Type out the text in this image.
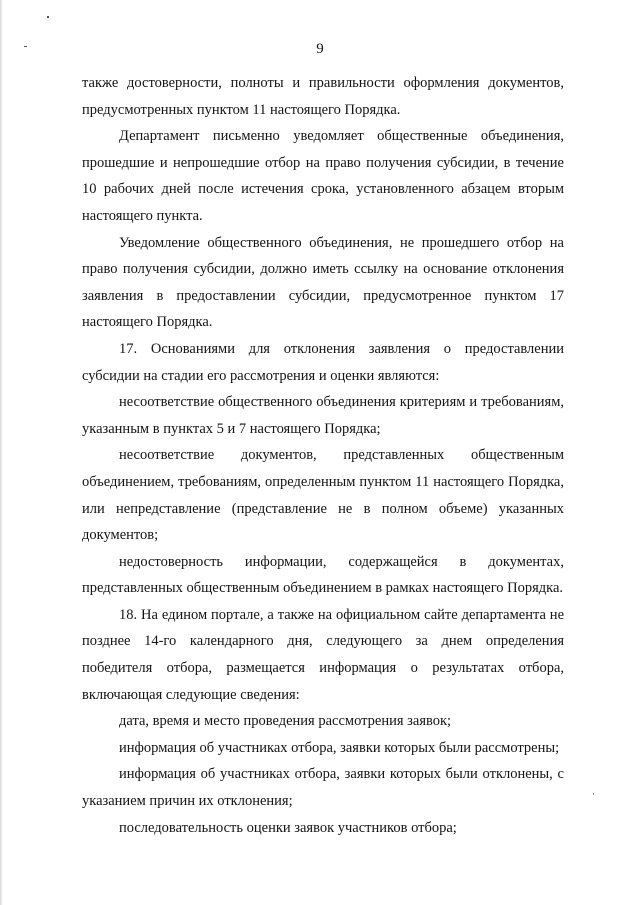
9

также достоверности, полноты и правильности оформления документов, предусмотренных пунктом 11 настоящего Порядка.

Департамент письменно уведомляет общественные объединения, прошедшие и непрошедшие отбор на право получения субсидии, в течение 10 рабочих дней после истечения срока, установленного абзацем вторым настоящего пункта.

Уведомление общественного объединения, не прошедшего отбор на право получения субсидии, должно иметь ссылку на основание отклонения заявления в предоставлении субсидии, предусмотренное пунктом 17 настоящего Порядка.

17. Основаниями для отклонения заявления о предоставлении субсидии на стадии его рассмотрения и оценки являются:

несоответствие общественного объединения критериям и требованиям, указанным в пунктах 5 и 7 настоящего Порядка;

несоответствие документов, представленных общественным объединением, требованиям, определенным пунктом 11 настоящего Порядка, или непредставление (представление не в полном объеме) указанных документов;

недостоверность информации, содержащейся в документах, представленных общественным объединением в рамках настоящего Порядка.

18. На едином портале, а также на официальном сайте департамента не позднее 14-го календарного дня, следующего за днем определения победителя отбора, размещается информация о результатах отбора, включающая следующие сведения:

дата, время и место проведения рассмотрения заявок;

информация об участниках отбора, заявки которых были рассмотрены;

информация об участниках отбора, заявки которых были отклонены, с указанием причин их отклонения;

последовательность оценки заявок участников отбора;
